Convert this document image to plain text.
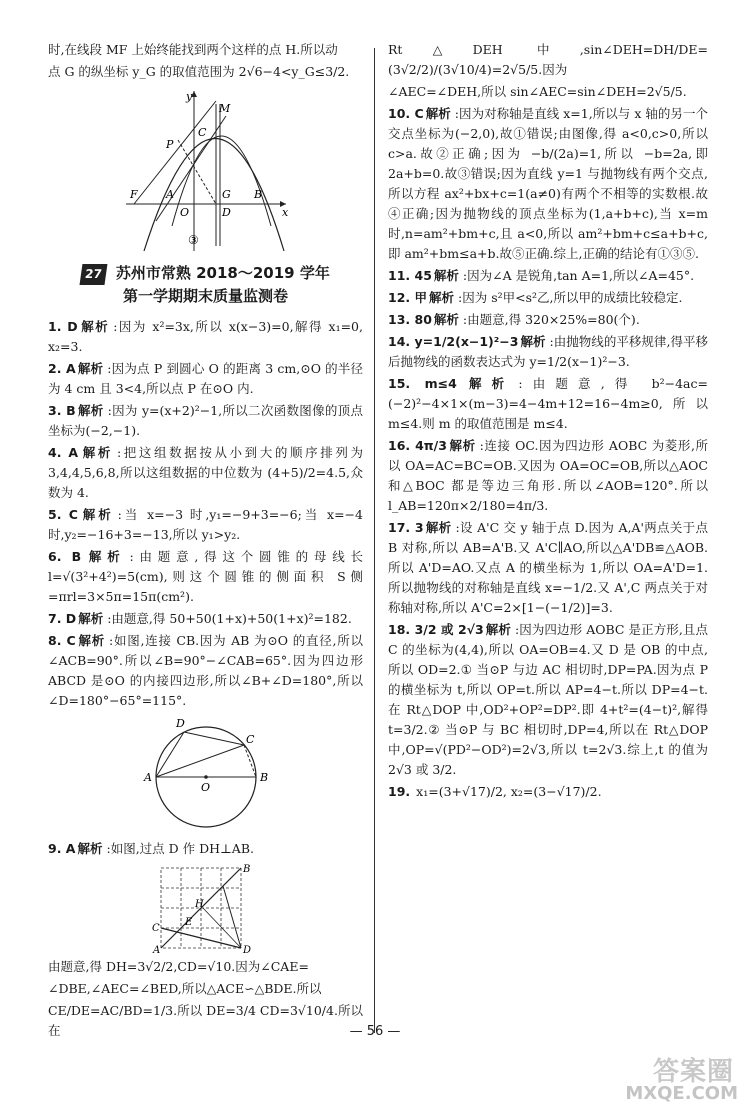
时,在线段 MF 上始终能找到两个这样的点 H.所以动

点 G 的纵坐标 y_G 的取值范围为 2√6−4<y_G≤3/2.

y
M
C
P
F	A
O
G
D
B
x
③
27 苏州市常熟 2018～2019 学年
第一学期期末质量监测卷

1. D 解析 :因为 x²=3x,所以 x(x−3)=0,解得 x₁=0, x₂=3.

2. A 解析 :因为点 P 到圆心 O 的距离 3 cm,⊙O 的半径为 4 cm 且 3<4,所以点 P 在⊙O 内.

3. B 解析 :因为 y=(x+2)²−1,所以二次函数图像的顶点坐标为(−2,−1).

4. A 解析 :把这组数据按从小到大的顺序排列为 3,4,4,5,6,8,所以这组数据的中位数为 (4+5)/2=4.5,众数为 4.

5. C 解析 :当 x=−3 时,y₁=−9+3=−6;当 x=−4 时,y₂=−16+3=−13,所以 y₁>y₂.

6. B 解析 :由题意,得这个圆锥的母线长 l=√(3²+4²)=5(cm),则这个圆锥的侧面积 S侧=πrl=3×5π=15π(cm²).

7. D 解析 :由题意,得 50+50(1+x)+50(1+x)²=182.

8. C 解析 :如图,连接 CB.因为 AB 为⊙O 的直径,所以 ∠ACB=90°.所以∠B=90°−∠CAB=65°.因为四边形 ABCD 是⊙O 的内接四边形,所以∠B+∠D=180°,所以∠D=180°−65°=115°.

D
C
A
O
B

9. A 解析 :如图,过点 D 作 DH⊥AB.

B
H
A
C
E
D

由题意,得 DH=3√2/2,CD=√10.因为∠CAE=

∠DBE,∠AEC=∠BED,所以△ACE∽△BDE.所以

CE/DE=AC/BD=1/3.所以 DE=3/4 CD=3√10/4.所以在

Rt△DEH 中,sin∠DEH=DH/DE=(3√2/2)/(3√10/4)=2√5/5.因为

∠AEC=∠DEH,所以 sin∠AEC=sin∠DEH=2√5/5.

10. C 解析 :因为对称轴是直线 x=1,所以与 x 轴的另一个交点坐标为(−2,0),故①错误;由图像,得 a<0,c>0,所以 c>a.故②正确;因为 −b/(2a)=1,所以 −b=2a,即 2a+b=0.故③错误;因为直线 y=1 与抛物线有两个交点,所以方程 ax²+bx+c=1(a≠0)有两个不相等的实数根.故④正确;因为抛物线的顶点坐标为(1,a+b+c),当 x=m 时,n=am²+bm+c,且 a<0,所以 am²+bm+c≤a+b+c,即 am²+bm≤a+b.故⑤正确.综上,正确的结论有①③⑤.

11. 45 解析 :因为∠A 是锐角,tan A=1,所以∠A=45°.

12. 甲 解析 :因为 s²甲<s²乙,所以甲的成绩比较稳定.

13. 80 解析 :由题意,得 320×25%=80(个).

14. y=1/2(x−1)²−3 解析 :由抛物线的平移规律,得平移后抛物线的函数表达式为 y=1/2(x−1)²−3.

15. m≤4 解析 :由题意,得 b²−4ac=(−2)²−4×1×(m−3)=4−4m+12=16−4m≥0,所以 m≤4.则 m 的取值范围是 m≤4.

16. 4π/3 解析 :连接 OC.因为四边形 AOBC 为菱形,所以 OA=AC=BC=OB.又因为 OA=OC=OB,所以△AOC 和△BOC 都是等边三角形.所以∠AOB=120°.所以 l_AB=120π×2/180=4π/3.

17. 3 解析 :设 A'C 交 y 轴于点 D.因为 A,A'两点关于点 B 对称,所以 AB=A'B.又 A'C∥AO,所以△A'DB≌△AOB.所以 A'D=AO.又点 A 的横坐标为 1,所以 OA=A'D=1.所以抛物线的对称轴是直线 x=−1/2.又 A',C 两点关于对称轴对称,所以 A'C=2×[1−(−1/2)]=3.

18. 3/2 或 2√3 解析 :因为四边形 AOBC 是正方形,且点 C 的坐标为(4,4),所以 OA=OB=4.又 D 是 OB 的中点,所以 OD=2.① 当⊙P 与边 AC 相切时,DP=PA.因为点 P 的横坐标为 t,所以 OP=t.所以 AP=4−t.所以 DP=4−t.在 Rt△DOP 中,OD²+OP²=DP².即 4+t²=(4−t)²,解得 t=3/2.② 当⊙P 与 BC 相切时,DP=4,所以在 Rt△DOP 中,OP=√(PD²−OD²)=2√3,所以 t=2√3.综上,t 的值为 2√3 或 3/2.

19. x₁=(3+√17)/2, x₂=(3−√17)/2.

— 56 —
答案圈
MXQE.COM
